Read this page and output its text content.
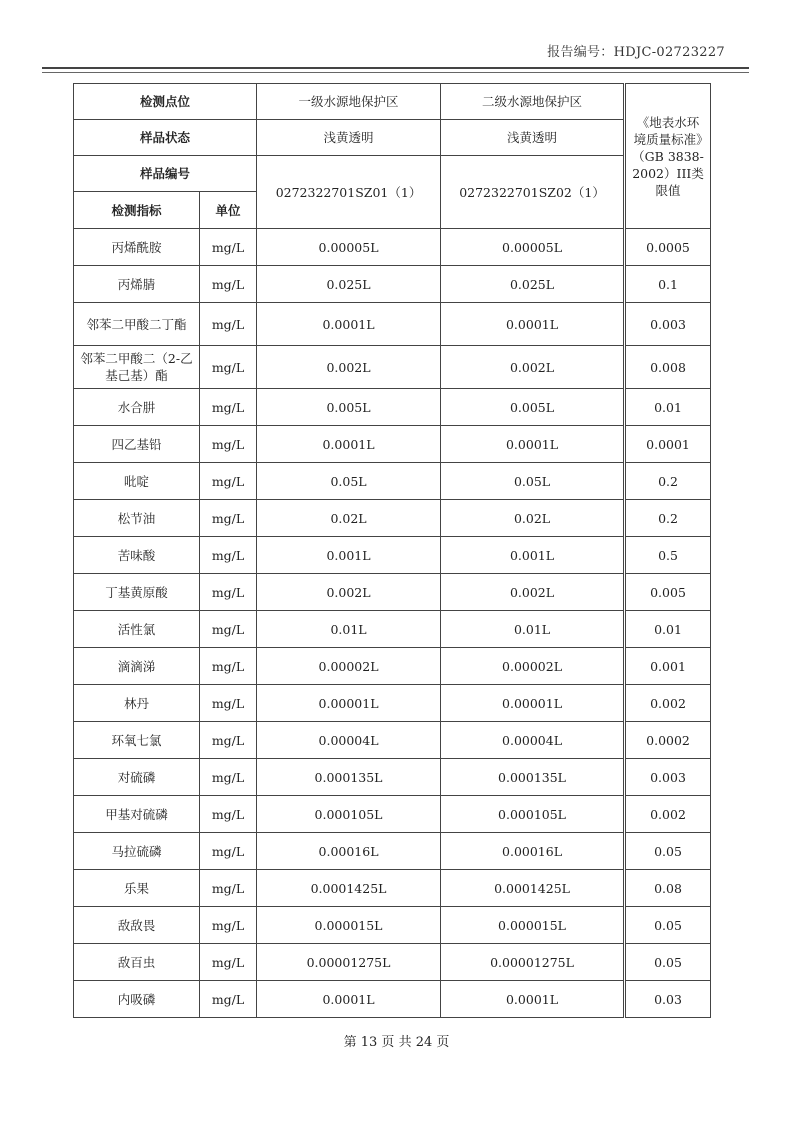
报告编号：HDJC-02723227
检测点位		一级水源地保护区	二级水源地保护区	《地表水环境质量标准》（GB 3838-2002）III类限值
样品状态		浅黄透明	浅黄透明	
样品编号		0272322701SZ01（1）	0272322701SZ02（1）	
检测指标	单位			
丙烯酰胺	mg/L	0.00005L	0.00005L	0.0005
丙烯腈	mg/L	0.025L	0.025L	0.1
邻苯二甲酸二丁酯	mg/L	0.0001L	0.0001L	0.003
邻苯二甲酸二（2-乙基己基）酯	mg/L	0.002L	0.002L	0.008
水合肼	mg/L	0.005L	0.005L	0.01
四乙基铅	mg/L	0.0001L	0.0001L	0.0001
吡啶	mg/L	0.05L	0.05L	0.2
松节油	mg/L	0.02L	0.02L	0.2
苦味酸	mg/L	0.001L	0.001L	0.5
丁基黄原酸	mg/L	0.002L	0.002L	0.005
活性氯	mg/L	0.01L	0.01L	0.01
滴滴涕	mg/L	0.00002L	0.00002L	0.001
林丹	mg/L	0.00001L	0.00001L	0.002
环氧七氯	mg/L	0.00004L	0.00004L	0.0002
对硫磷	mg/L	0.000135L	0.000135L	0.003
甲基对硫磷	mg/L	0.000105L	0.000105L	0.002
马拉硫磷	mg/L	0.00016L	0.00016L	0.05
乐果	mg/L	0.0001425L	0.0001425L	0.08
敌敌畏	mg/L	0.000015L	0.000015L	0.05
敌百虫	mg/L	0.00001275L	0.00001275L	0.05
内吸磷	mg/L	0.0001L	0.0001L	0.03
第 13 页 共 24 页
